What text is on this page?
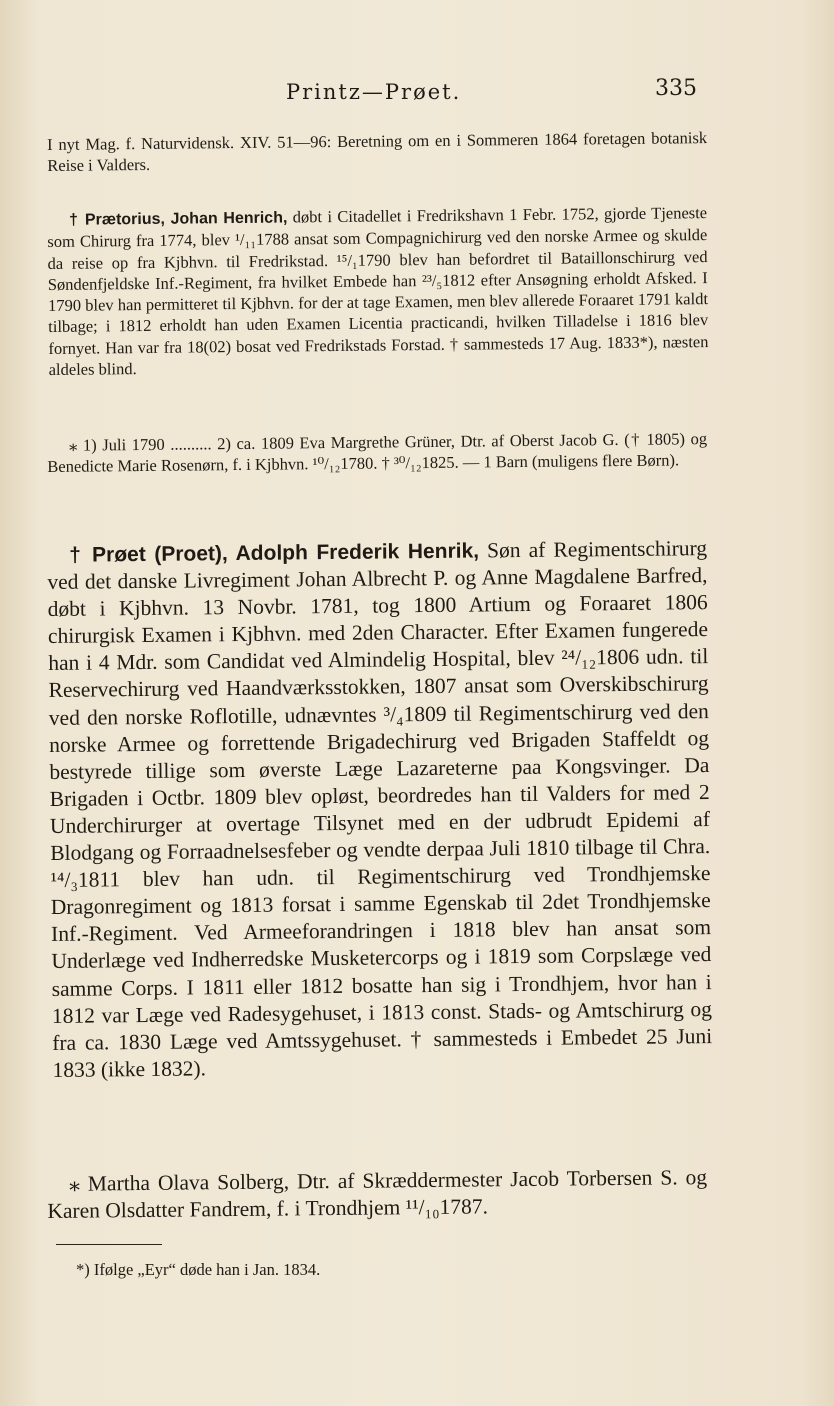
Printz—Prøet.	335

I nyt Mag. f. Naturvidensk. XIV. 51—96: Beretning om en i Sommeren 1864 foretagen botanisk Reise i Valders.

† Prætorius, Johan Henrich, døbt i Citadellet i Fredrikshavn 1 Febr. 1752, gjorde Tjeneste som Chirurg fra 1774, blev ¹/₁₁1788 ansat som Compagnichirurg ved den norske Armee og skulde da reise op fra Kjbhvn. til Fredrikstad. ¹⁵/₁1790 blev han befordret til Bataillonschirurg ved Søndenfjeldske Inf.-Regiment, fra hvilket Embede han ²³/₅1812 efter Ansøgning erholdt Afsked. I 1790 blev han permitteret til Kjbhvn. for der at tage Examen, men blev allerede Foraaret 1791 kaldt tilbage; i 1812 erholdt han uden Examen Licentia practicandi, hvilken Tilladelse i 1816 blev fornyet. Han var fra 18(02) bosat ved Fredrikstads Forstad. † sammesteds 17 Aug. 1833*), næsten aldeles blind.

⁎ 1) Juli 1790 .......... 2) ca. 1809 Eva Margrethe Grüner, Dtr. af Oberst Jacob G. († 1805) og Benedicte Marie Rosenørn, f. i Kjbhvn. ¹⁰/₁₂1780. † ³⁰/₁₂1825. — 1 Barn (muligens flere Børn).

† Prøet (Proet), Adolph Frederik Henrik, Søn af Regimentschirurg ved det danske Livregiment Johan Albrecht P. og Anne Magdalene Barfred, døbt i Kjbhvn. 13 Novbr. 1781, tog 1800 Artium og Foraaret 1806 chirurgisk Examen i Kjbhvn. med 2den Character. Efter Examen fungerede han i 4 Mdr. som Candidat ved Almindelig Hospital, blev ²⁴/₁₂1806 udn. til Reservechirurg ved Haandværksstokken, 1807 ansat som Overskibschirurg ved den norske Roflotille, udnævntes ³/₄1809 til Regimentschirurg ved den norske Armee og forrettende Brigadechirurg ved Brigaden Staffeldt og bestyrede tillige som øverste Læge Lazareterne paa Kongsvinger. Da Brigaden i Octbr. 1809 blev opløst, beordredes han til Valders for med 2 Underchirurger at overtage Tilsynet med en der udbrudt Epidemi af Blodgang og Forraadnelsesfeber og vendte derpaa Juli 1810 tilbage til Chra. ¹⁴/₃1811 blev han udn. til Regimentschirurg ved Trondhjemske Dragonregiment og 1813 forsat i samme Egenskab til 2det Trondhjemske Inf.-Regiment. Ved Armeeforandringen i 1818 blev han ansat som Underlæge ved Indherredske Musketercorps og i 1819 som Corpslæge ved samme Corps. I 1811 eller 1812 bosatte han sig i Trondhjem, hvor han i 1812 var Læge ved Radesygehuset, i 1813 const. Stads- og Amtschirurg og fra ca. 1830 Læge ved Amtssygehuset. † sammesteds i Embedet 25 Juni 1833 (ikke 1832).

⁎ Martha Olava Solberg, Dtr. af Skræddermester Jacob Torbersen S. og Karen Olsdatter Fandrem, f. i Trondhjem ¹¹/₁₀1787.

*) Ifølge „Eyr“ døde han i Jan. 1834.
